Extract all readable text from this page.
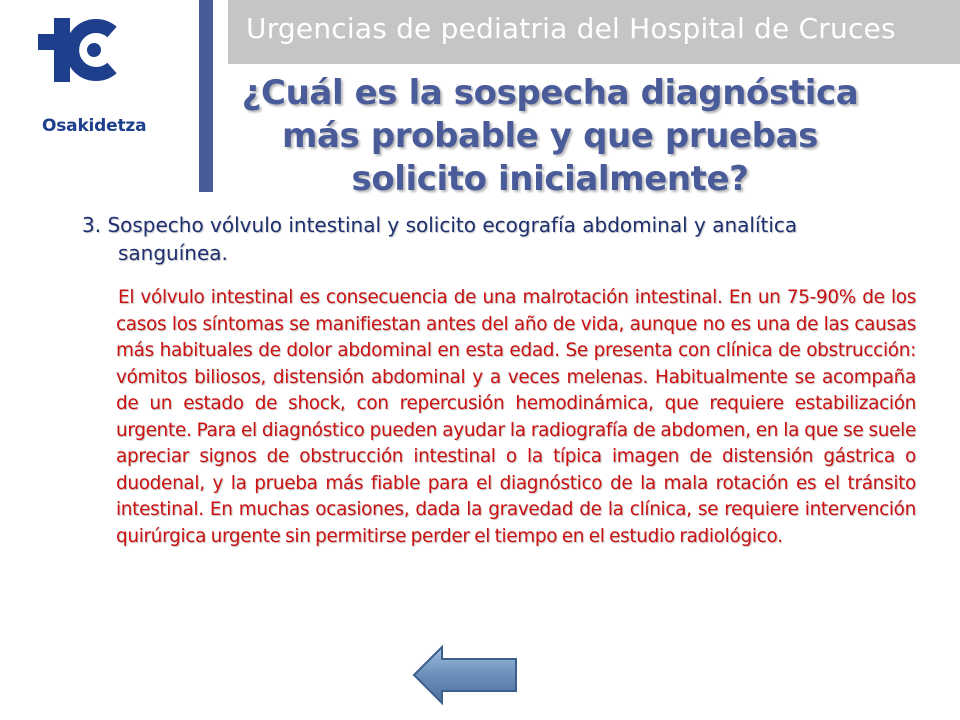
Osakidetza
Urgencias de pediatria del Hospital de Cruces
¿Cuál es la sospecha diagnóstica
más probable y que pruebas
solicito inicialmente?
3. Sospecho vólvulo intestinal y solicito ecografía abdominal y analítica
sanguínea.
El vólvulo intestinal es consecuencia de una malrotación intestinal. En un 75-90% de los casos los síntomas se manifiestan antes del año de vida, aunque no es una de las causas más habituales de dolor abdominal en esta edad. Se presenta con clínica de obstrucción: vómitos biliosos, distensión abdominal y a veces melenas. Habitualmente se acompaña de un estado de shock, con repercusión hemodinámica, que requiere estabilización urgente. Para el diagnóstico pueden ayudar la radiografía de abdomen, en la que se suele apreciar signos de obstrucción intestinal o la típica imagen de distensión gástrica o duodenal, y la prueba más fiable para el diagnóstico de la mala rotación es el tránsito intestinal. En muchas ocasiones, dada la gravedad de la clínica, se requiere intervención quirúrgica urgente sin permitirse perder el tiempo en el estudio radiológico.
